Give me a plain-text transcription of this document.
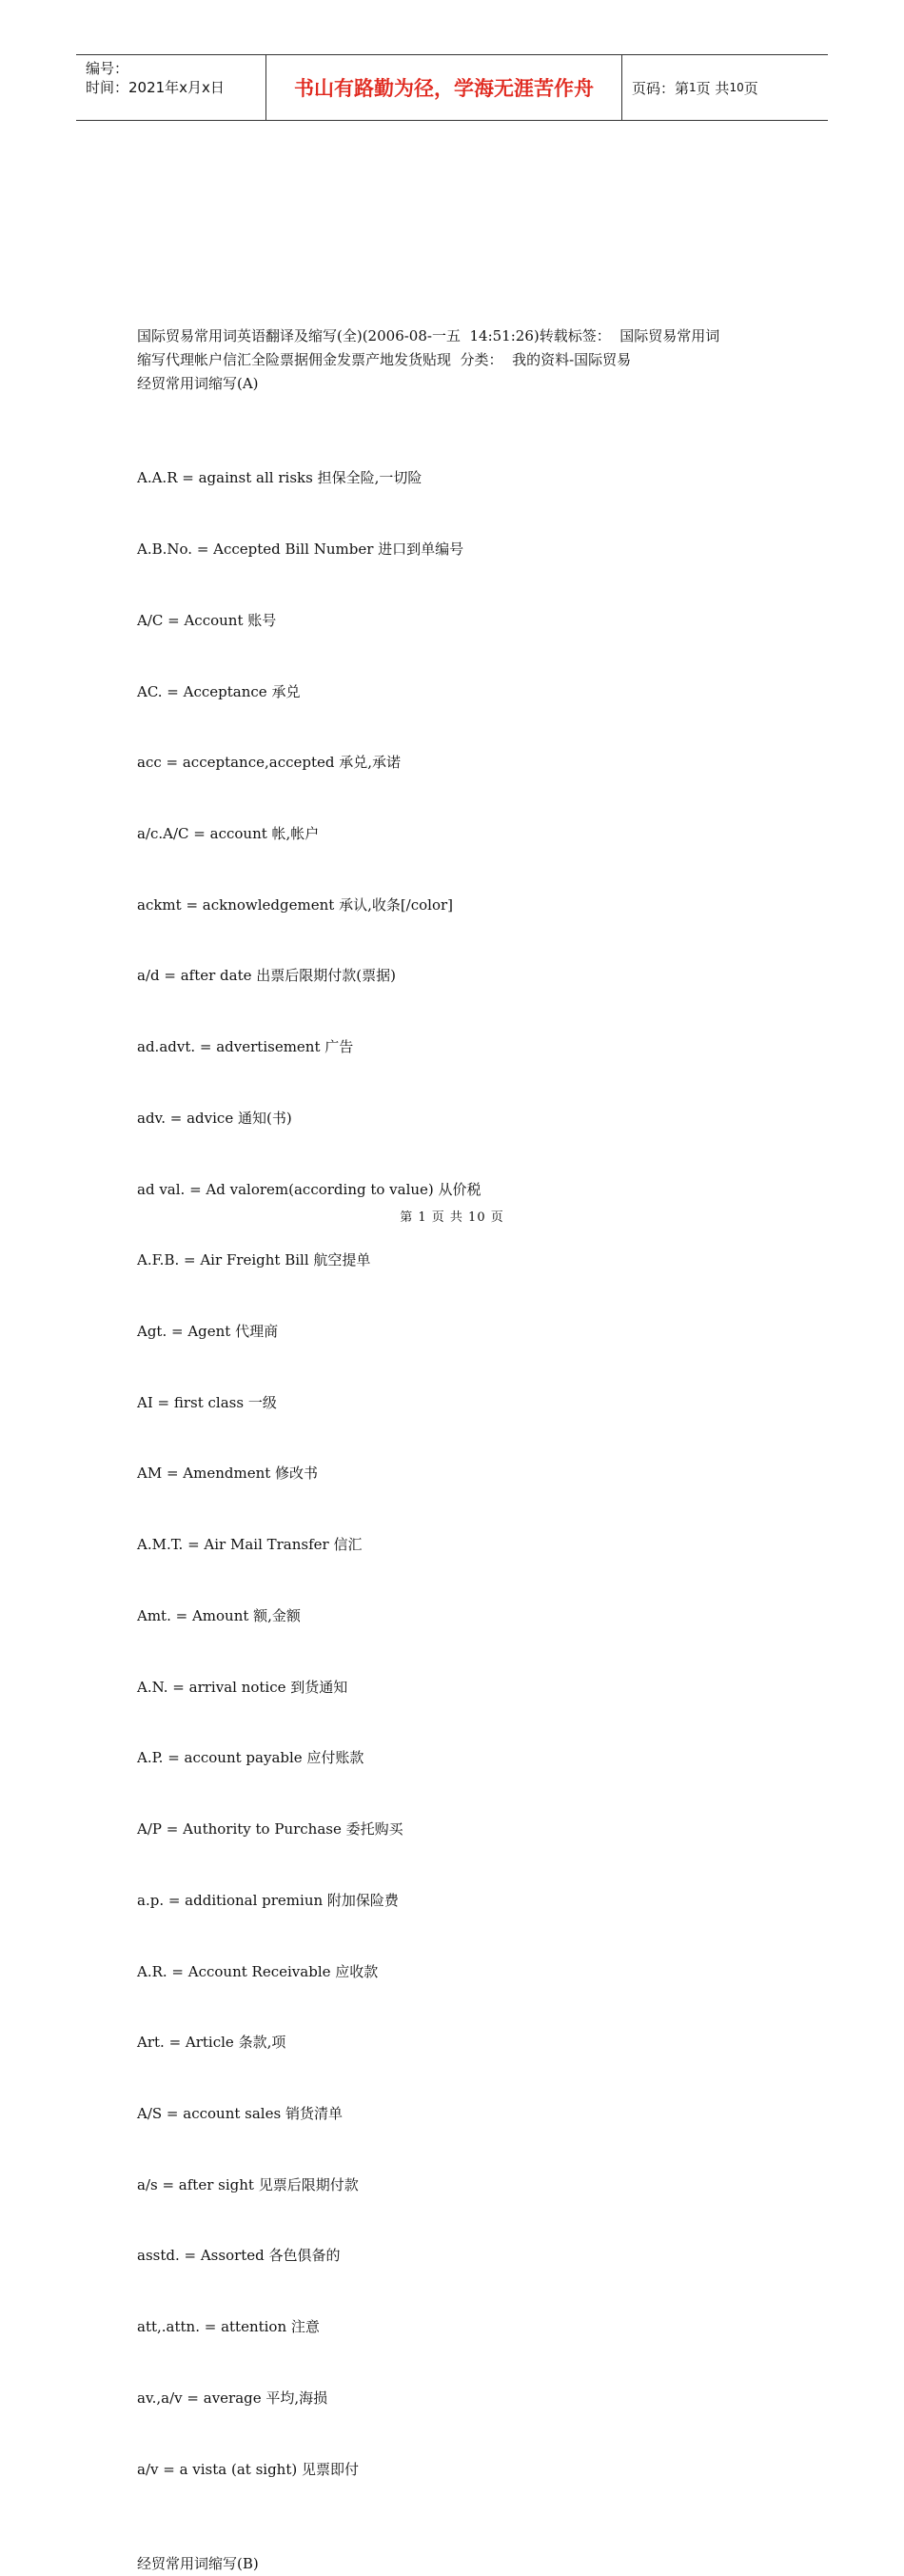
编号：
时间：2021年x月x日	书山有路勤为径，学海无涯苦作舟	页码：第 1 页 共 10 页
国际贸易常用词英语翻译及缩写(全)(2006-08-一五  14:51:26)转载标签：  国际贸易常用词
缩写代理帐户信汇全险票据佣金发票产地发货贴现  分类：  我的资料-国际贸易
经贸常用词缩写(A)

A.A.R = against all risks 担保全险,一切险

A.B.No. = Accepted Bill Number 进口到单编号

A/C = Account 账号

AC. = Acceptance 承兑

acc = acceptance,accepted 承兑,承诺

a/c.A/C = account 帐,帐户

ackmt = acknowledgement 承认,收条[/color]

a/d = after date 出票后限期付款(票据)

ad.advt. = advertisement 广告

adv. = advice 通知(书)

ad val. = Ad valorem(according to value) 从价税

A.F.B. = Air Freight Bill 航空提单

Agt. = Agent 代理商

AI = first class 一级

AM = Amendment 修改书

A.M.T. = Air Mail Transfer 信汇

Amt. = Amount 额,金额

A.N. = arrival notice 到货通知

A.P. = account payable 应付账款

A/P = Authority to Purchase 委托购买

a.p. = additional premiun 附加保险费

A.R. = Account Receivable 应收款

Art. = Article 条款,项

A/S = account sales 销货清单

a/s = after sight 见票后限期付款

asstd. = Assorted 各色俱备的

att,.attn. = attention 注意

av.,a/v = average 平均,海损

a/v = a vista (at sight) 见票即付

经贸常用词缩写(B)
第 1 页 共 10 页
